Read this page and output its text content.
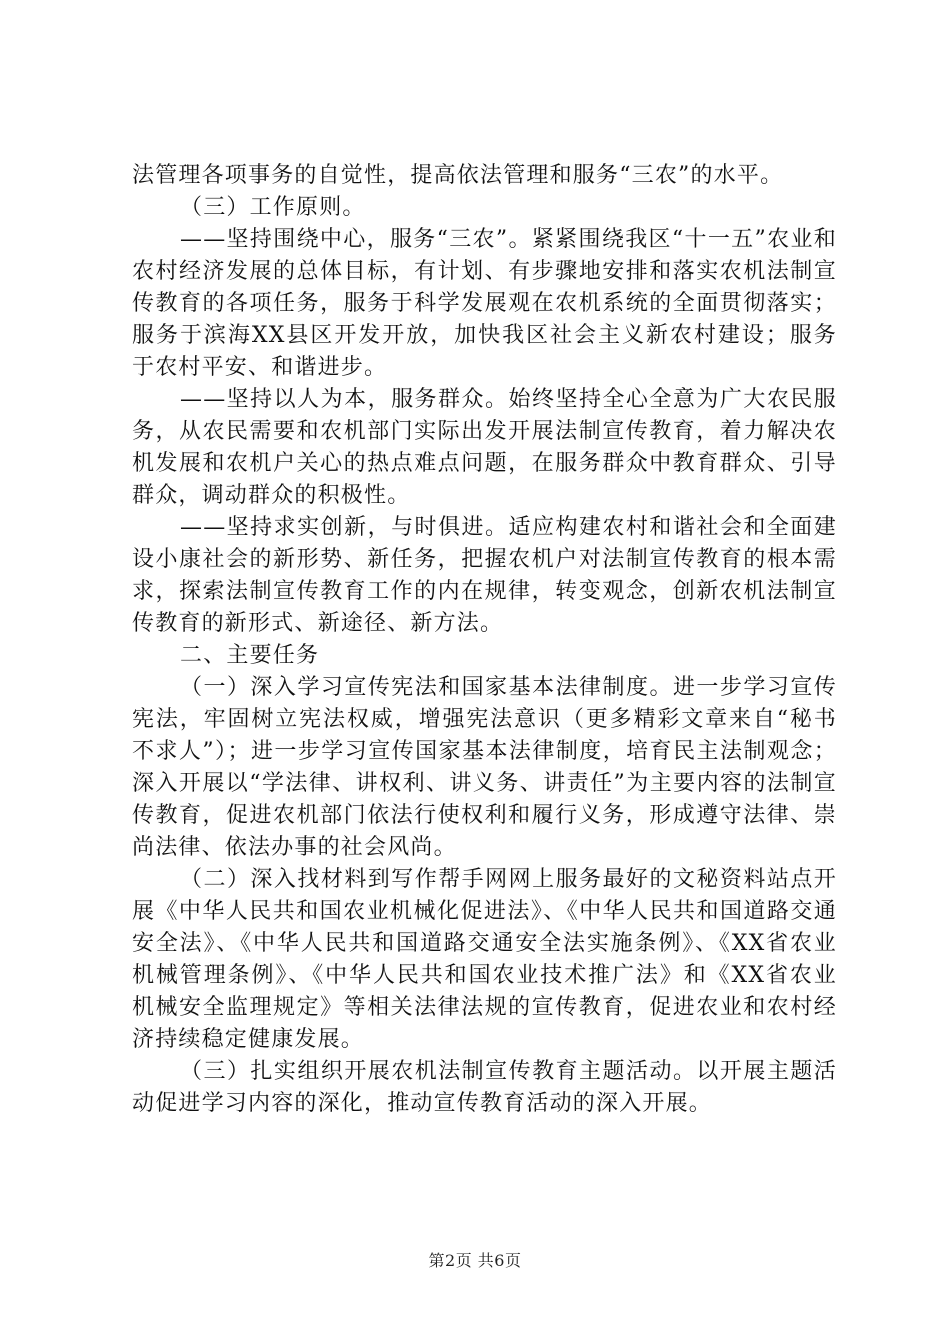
法管理各项事务的自觉性，提高依法管理和服务“三农”的水平。

（三）工作原则。

——坚持围绕中心，服务“三农”。紧紧围绕我区“十一五”农业和农村经济发展的总体目标，有计划、有步骤地安排和落实农机法制宣传教育的各项任务，服务于科学发展观在农机系统的全面贯彻落实；服务于滨海XX县区开发开放，加快我区社会主义新农村建设；服务于农村平安、和谐进步。

——坚持以人为本，服务群众。始终坚持全心全意为广大农民服务，从农民需要和农机部门实际出发开展法制宣传教育，着力解决农机发展和农机户关心的热点难点问题，在服务群众中教育群众、引导群众，调动群众的积极性。

——坚持求实创新，与时俱进。适应构建农村和谐社会和全面建设小康社会的新形势、新任务，把握农机户对法制宣传教育的根本需求，探索法制宣传教育工作的内在规律，转变观念，创新农机法制宣传教育的新形式、新途径、新方法。

二、主要任务

（一）深入学习宣传宪法和国家基本法律制度。进一步学习宣传宪法，牢固树立宪法权威，增强宪法意识（更多精彩文章来自“秘书不求人”）；进一步学习宣传国家基本法律制度，培育民主法制观念；深入开展以“学法律、讲权利、讲义务、讲责任”为主要内容的法制宣传教育，促进农机部门依法行使权利和履行义务，形成遵守法律、崇尚法律、依法办事的社会风尚。

（二）深入找材料到写作帮手网网上服务最好的文秘资料站点开展《中华人民共和国农业机械化促进法》、《中华人民共和国道路交通安全法》、《中华人民共和国道路交通安全法实施条例》、《XX省农业机械管理条例》、《中华人民共和国农业技术推广法》和《XX省农业机械安全监理规定》等相关法律法规的宣传教育，促进农业和农村经济持续稳定健康发展。

（三）扎实组织开展农机法制宣传教育主题活动。以开展主题活动促进学习内容的深化，推动宣传教育活动的深入开展。

第2页 共6页
